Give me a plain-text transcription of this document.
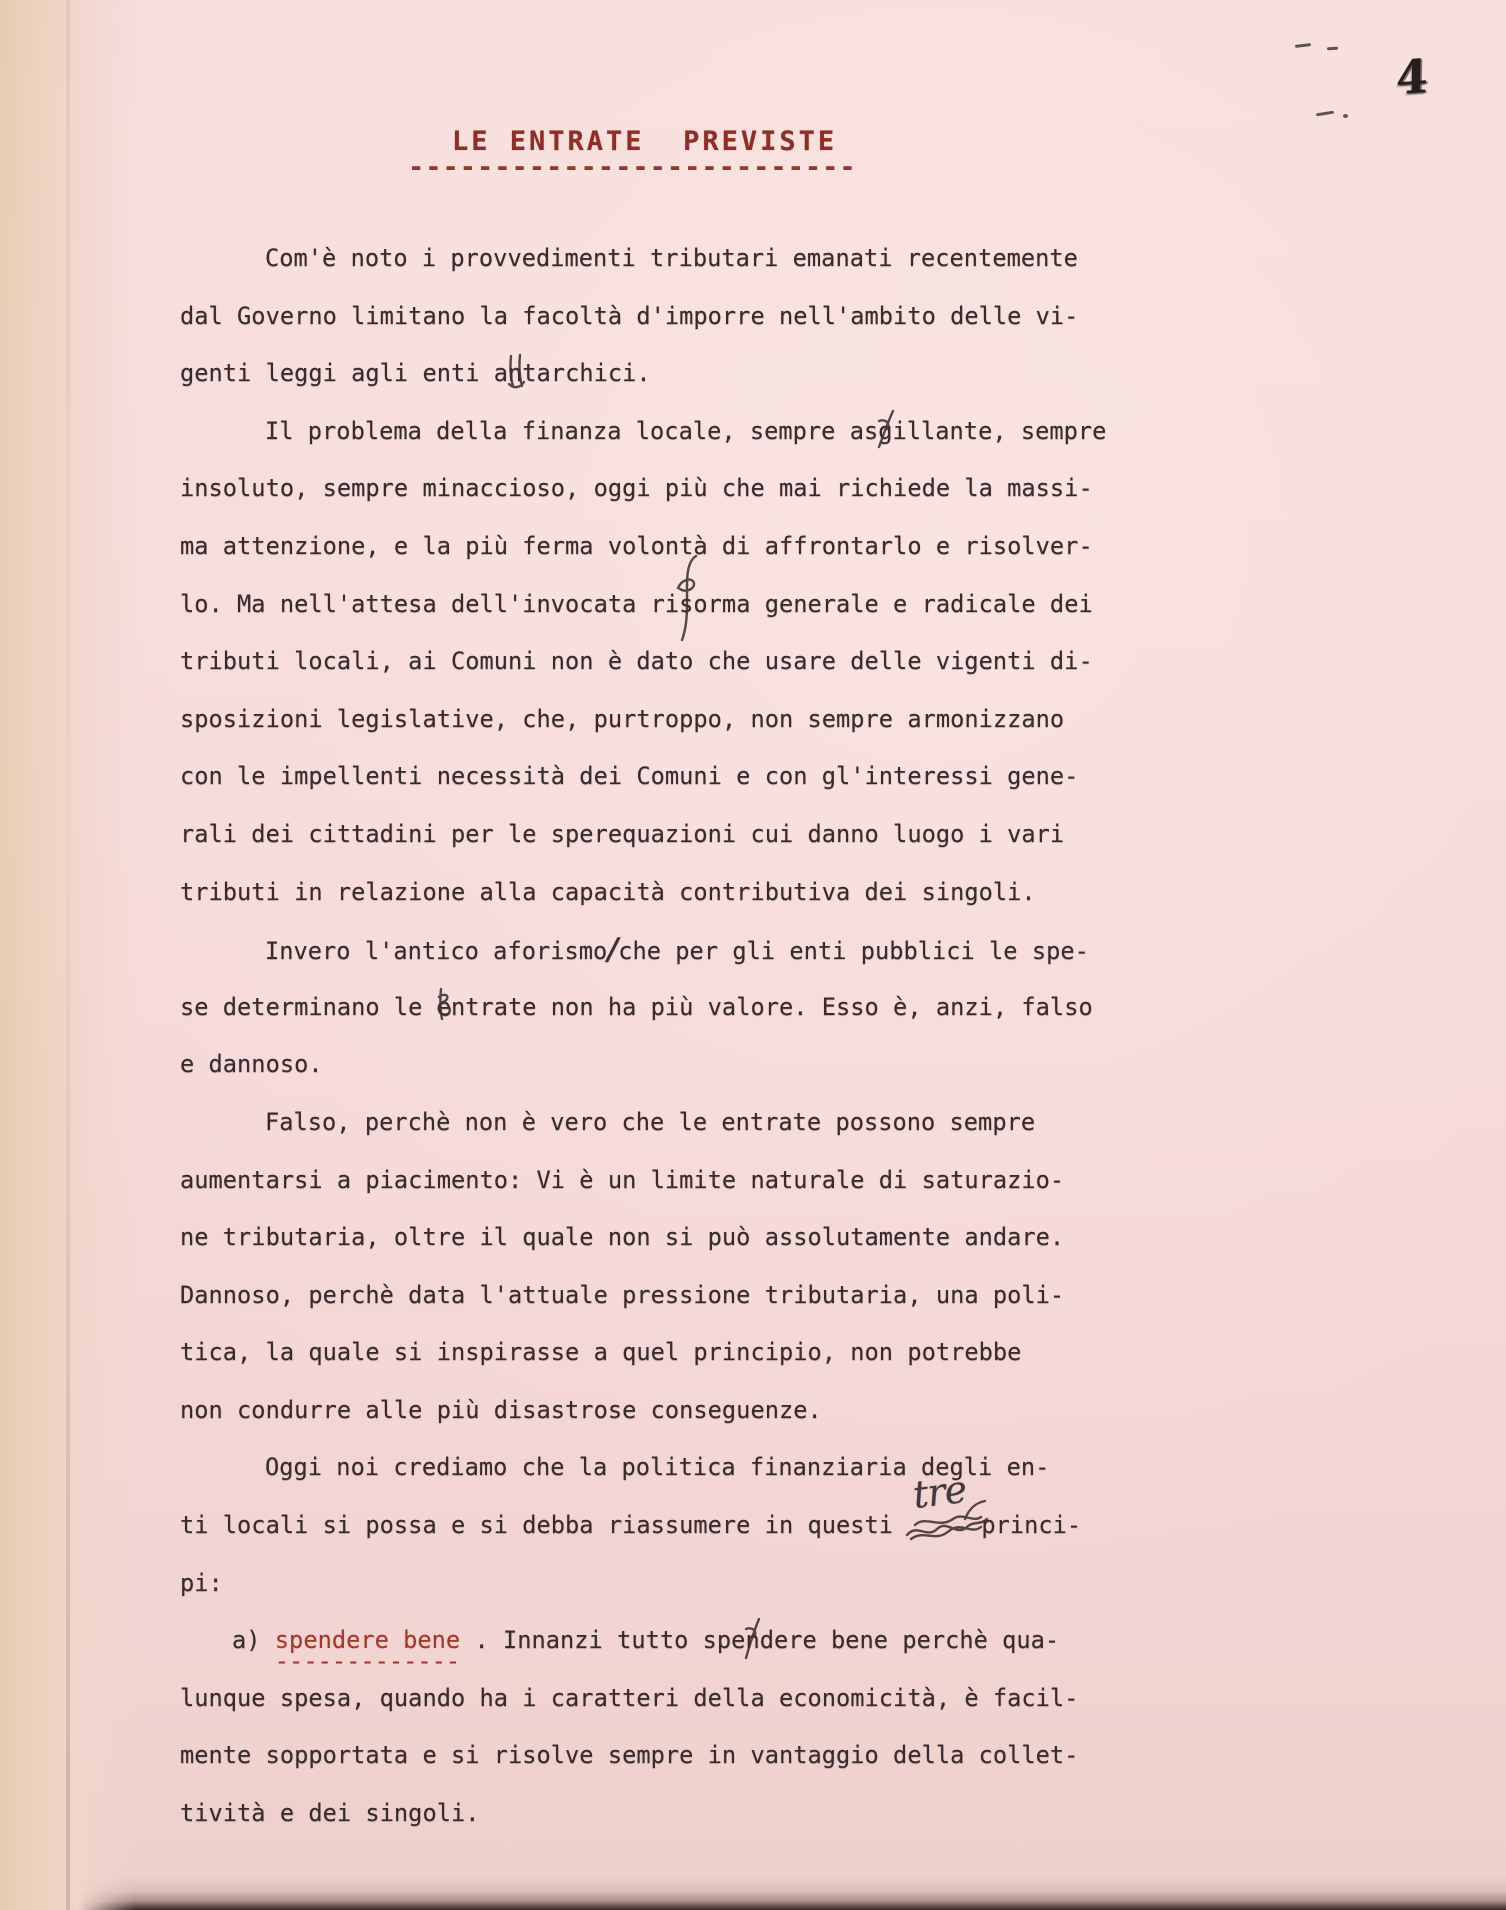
4
LE ENTRATE  PREVISTE
--------------------------
Com'è noto i provvedimenti tributari emanati recentemente
dal Governo limitano la facoltà d'imporre nell'ambito delle vi-
genti leggi agli enti an
tarchici.
Il problema della finanza locale, sempre asg
illante, sempre
insoluto, sempre minaccioso, oggi più che mai richiede la massi-
ma attenzione, e la più ferma volontà di affrontarlo e risolver-
lo. Ma nell'attesa dell'invocata ris
orma generale e radicale dei
tributi locali, ai Comuni non è dato che usare delle vigenti di-
sposizioni legislative, che, purtroppo, non sempre armonizzano
con le impellenti necessità dei Comuni e con gl'interessi gene-
rali dei cittadini per le sperequazioni cui danno luogo i vari
tributi in relazione alla capacità contributiva dei singoli.
Invero l'antico aforismo/che per gli enti pubblici le spe-
se determinano le e
ntrate non ha più valore. Esso è, anzi, falso
e dannoso.
Falso, perchè non è vero che le entrate possono sempre
aumentarsi a piacimento: Vi è un limite naturale di saturazio-
ne tributaria, oltre il quale non si può assolutamente andare.
Dannoso, perchè data l'attuale pressione tributaria, una poli-
tica, la quale si inspirasse a quel principio, non potrebbe
non condurre alle più disastrose conseguenze.
Oggi noi crediamo che la politica finanziaria degli en-
ti locali si possa e si debba riassumere in questi
tre
princi-
pi:
a) spendere bene
-------------
. Innanzi tutto spen
dere bene perchè qua-
lunque spesa, quando ha i caratteri della economicità, è facil-
mente sopportata e si risolve sempre in vantaggio della collet-
tività e dei singoli.
